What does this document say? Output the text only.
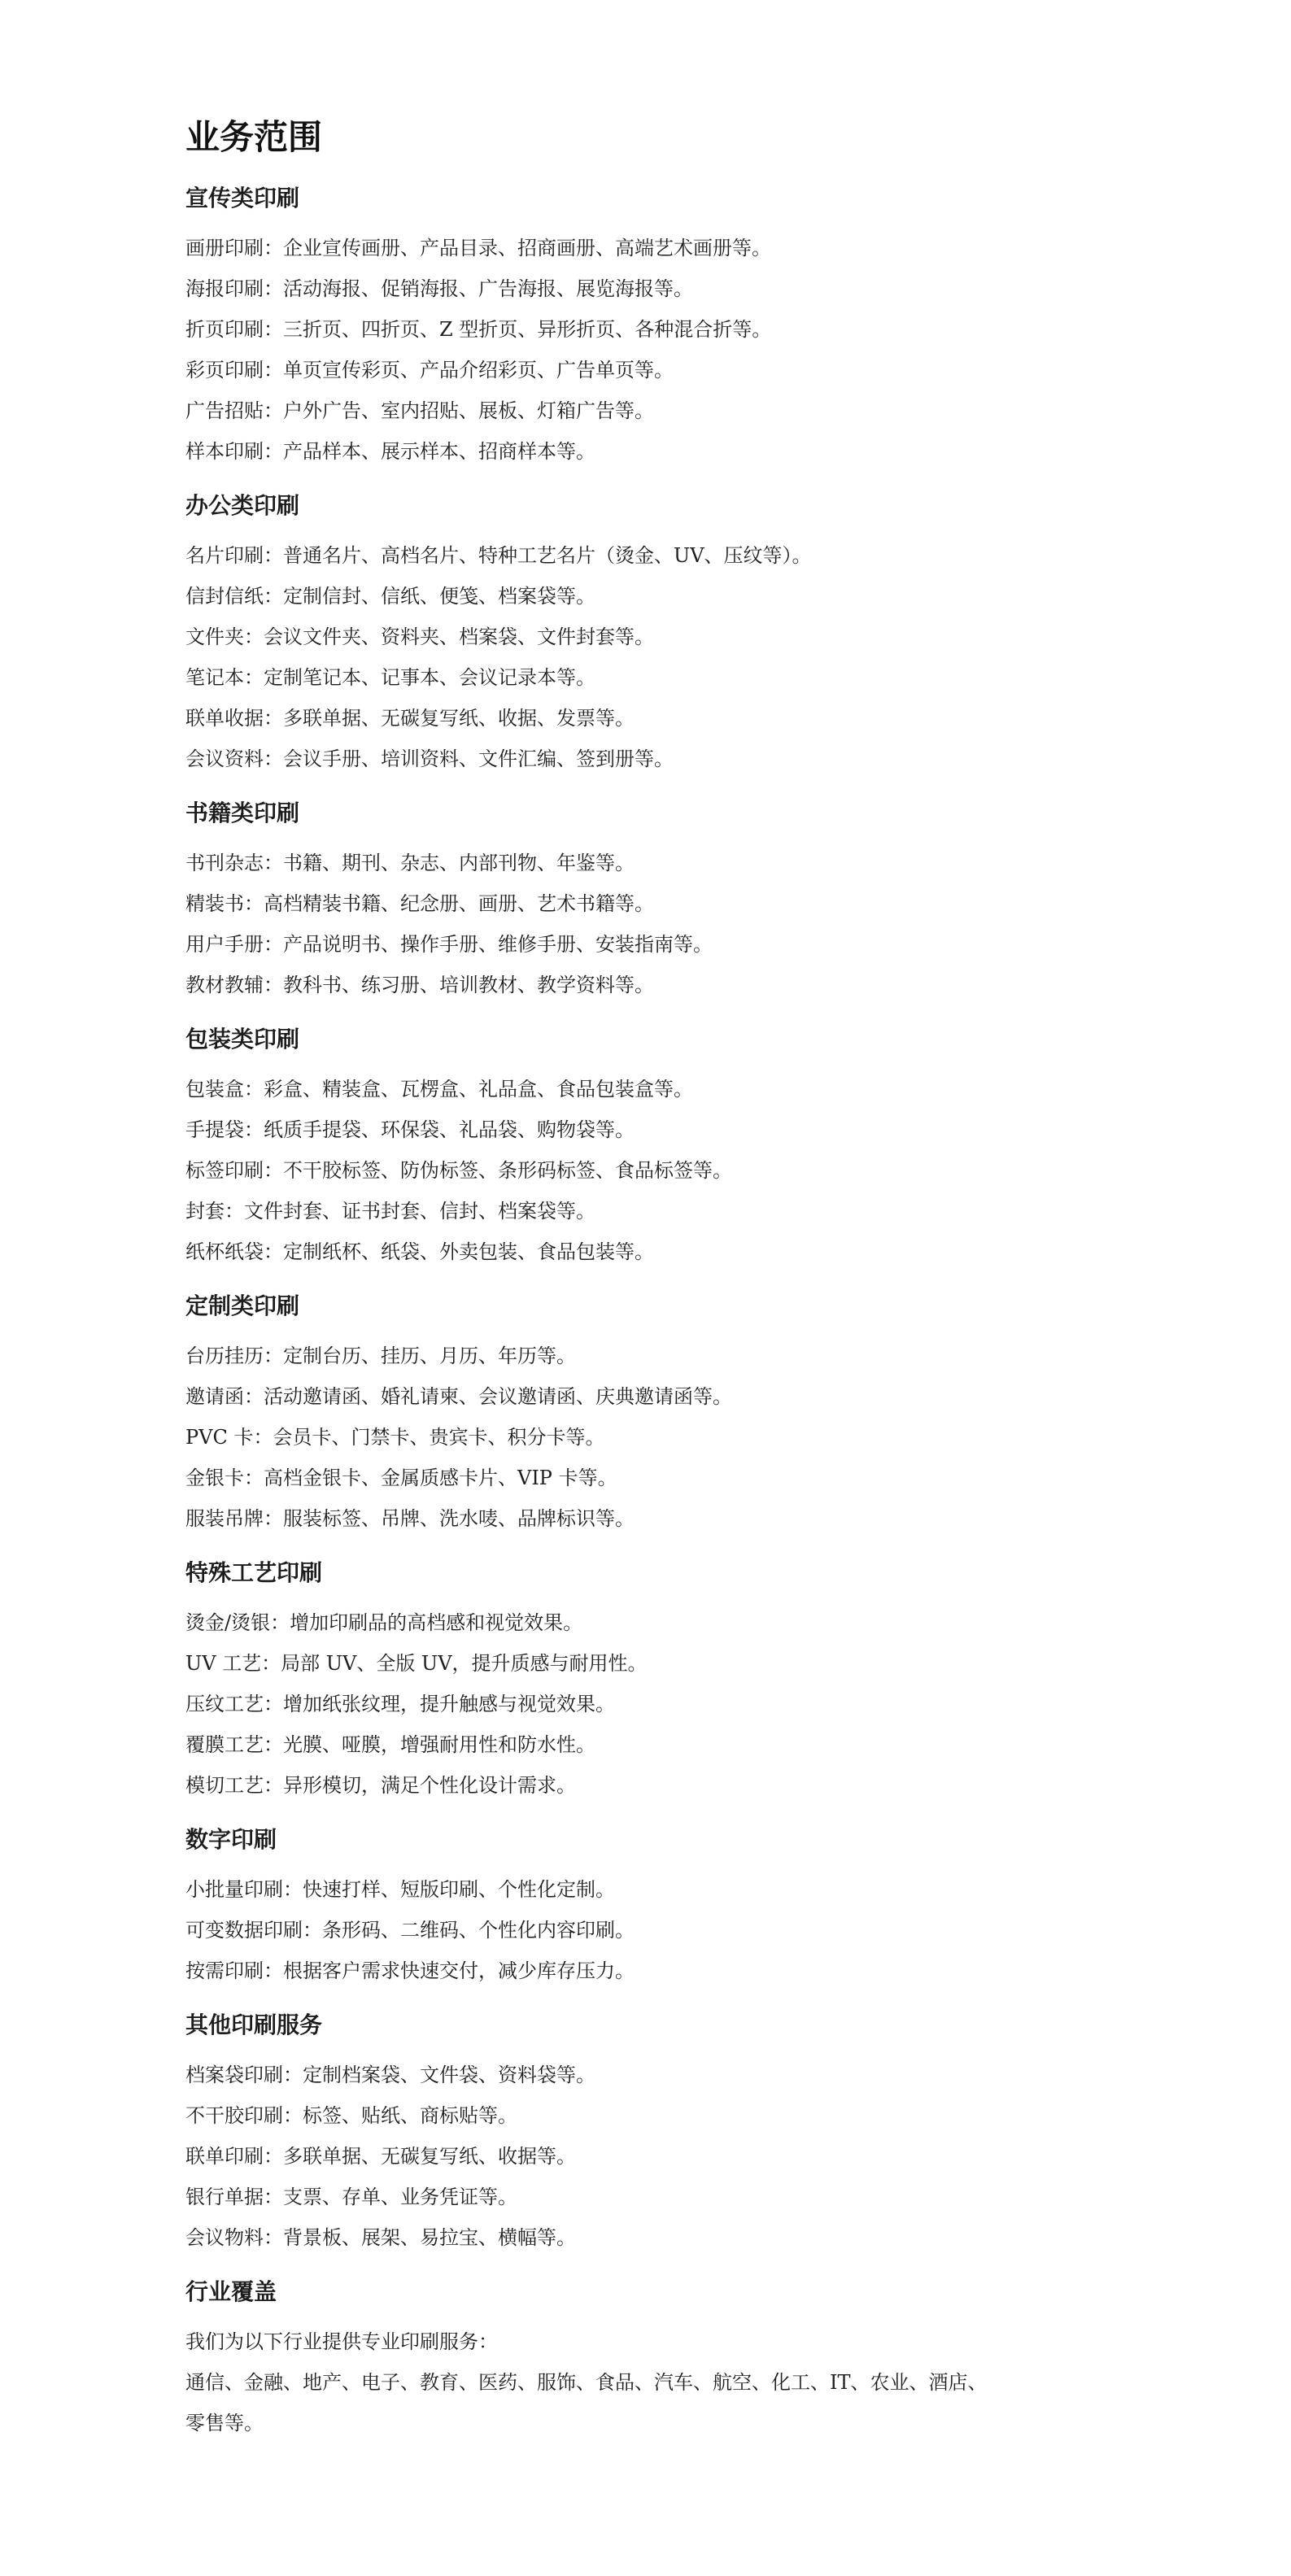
业务范围
宣传类印刷
画册印刷：企业宣传画册、产品目录、招商画册、高端艺术画册等。
海报印刷：活动海报、促销海报、广告海报、展览海报等。
折页印刷：三折页、四折页、Z 型折页、异形折页、各种混合折等。
彩页印刷：单页宣传彩页、产品介绍彩页、广告单页等。
广告招贴：户外广告、室内招贴、展板、灯箱广告等。
样本印刷：产品样本、展示样本、招商样本等。
办公类印刷
名片印刷：普通名片、高档名片、特种工艺名片（烫金、UV、压纹等）。
信封信纸：定制信封、信纸、便笺、档案袋等。
文件夹：会议文件夹、资料夹、档案袋、文件封套等。
笔记本：定制笔记本、记事本、会议记录本等。
联单收据：多联单据、无碳复写纸、收据、发票等。
会议资料：会议手册、培训资料、文件汇编、签到册等。
书籍类印刷
书刊杂志：书籍、期刊、杂志、内部刊物、年鉴等。
精装书：高档精装书籍、纪念册、画册、艺术书籍等。
用户手册：产品说明书、操作手册、维修手册、安装指南等。
教材教辅：教科书、练习册、培训教材、教学资料等。
包装类印刷
包装盒：彩盒、精装盒、瓦楞盒、礼品盒、食品包装盒等。
手提袋：纸质手提袋、环保袋、礼品袋、购物袋等。
标签印刷：不干胶标签、防伪标签、条形码标签、食品标签等。
封套：文件封套、证书封套、信封、档案袋等。
纸杯纸袋：定制纸杯、纸袋、外卖包装、食品包装等。
定制类印刷
台历挂历：定制台历、挂历、月历、年历等。
邀请函：活动邀请函、婚礼请柬、会议邀请函、庆典邀请函等。
PVC 卡：会员卡、门禁卡、贵宾卡、积分卡等。
金银卡：高档金银卡、金属质感卡片、VIP 卡等。
服装吊牌：服装标签、吊牌、洗水唛、品牌标识等。
特殊工艺印刷
烫金/烫银：增加印刷品的高档感和视觉效果。
UV 工艺：局部 UV、全版 UV，提升质感与耐用性。
压纹工艺：增加纸张纹理，提升触感与视觉效果。
覆膜工艺：光膜、哑膜，增强耐用性和防水性。
模切工艺：异形模切，满足个性化设计需求。
数字印刷
小批量印刷：快速打样、短版印刷、个性化定制。
可变数据印刷：条形码、二维码、个性化内容印刷。
按需印刷：根据客户需求快速交付，减少库存压力。
其他印刷服务
档案袋印刷：定制档案袋、文件袋、资料袋等。
不干胶印刷：标签、贴纸、商标贴等。
联单印刷：多联单据、无碳复写纸、收据等。
银行单据：支票、存单、业务凭证等。
会议物料：背景板、展架、易拉宝、横幅等。
行业覆盖
我们为以下行业提供专业印刷服务：
通信、金融、地产、电子、教育、医药、服饰、食品、汽车、航空、化工、IT、农业、酒店、
零售等。
